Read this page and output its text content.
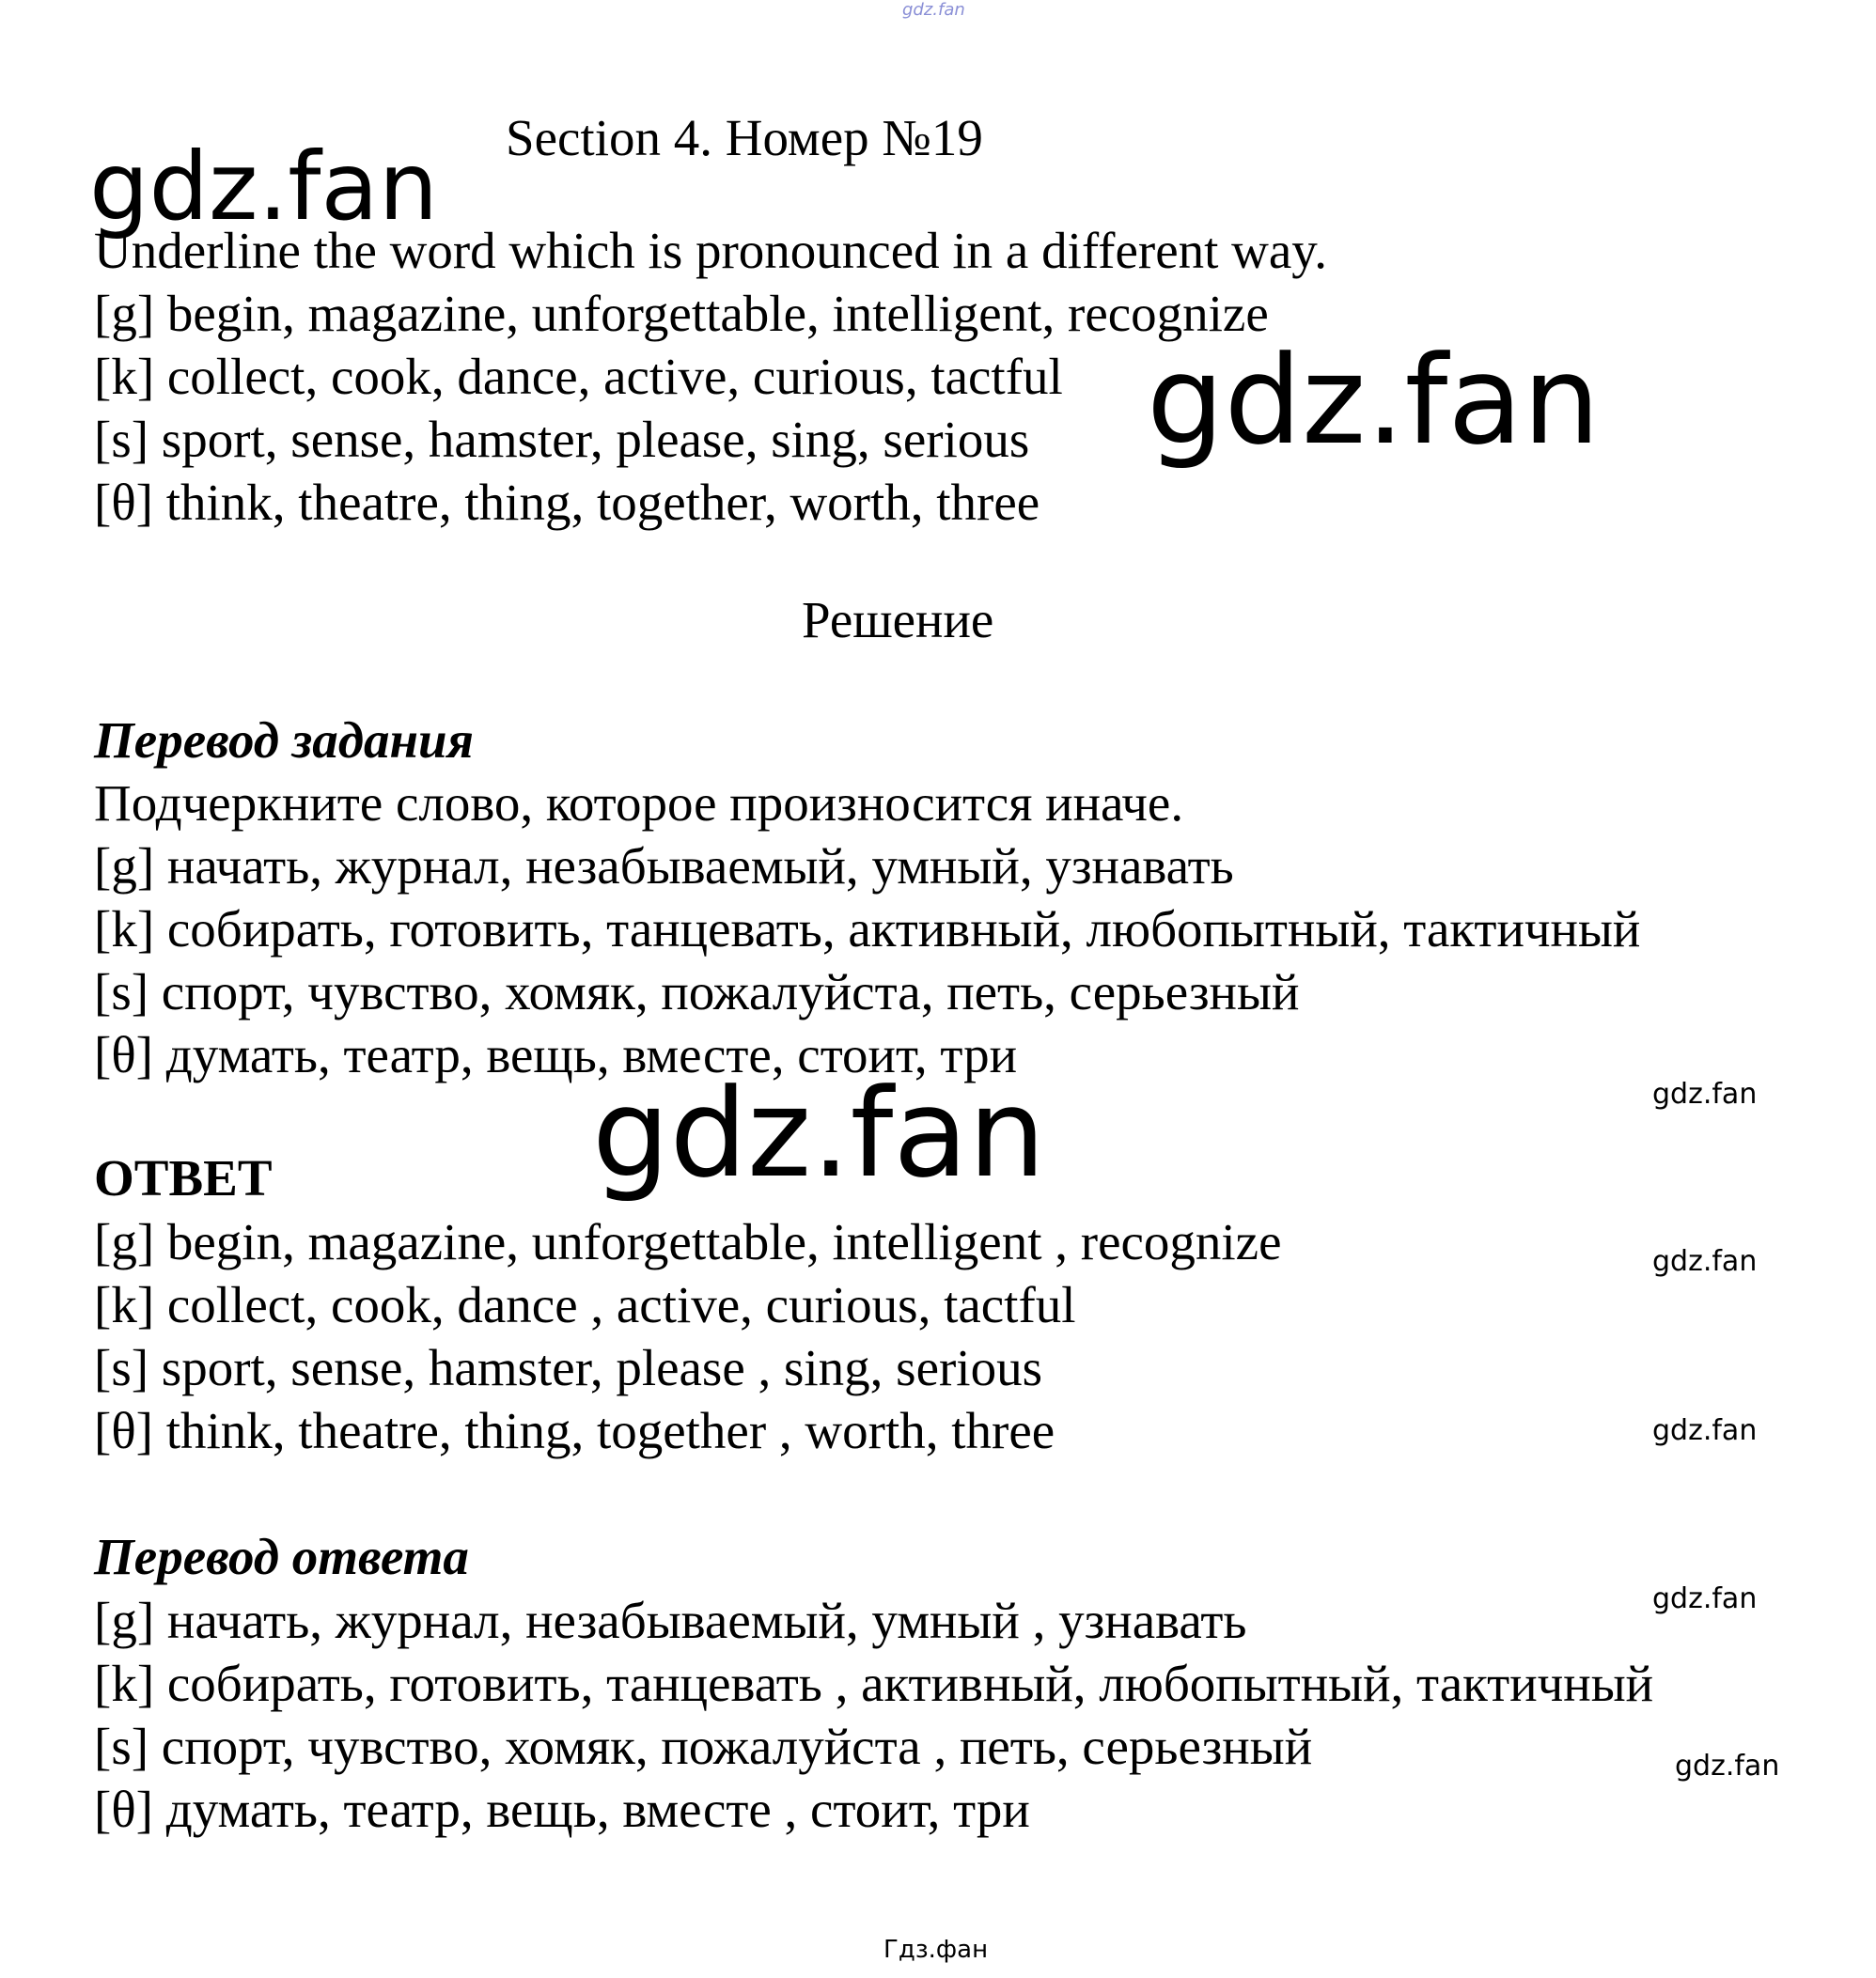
gdz.fan
gdz.fan
gdz.fan
gdz.fan	gdz.fan
gdz.fan
gdz.fan
gdz.fan
gdz.fan
Гдз.фан
Section 4. Номер №19
Underline the word which is pronounced in a different way.
[g] begin, magazine, unforgettable, intelligent, recognize
[k] collect, cook, dance, active, curious, tactful
[s] sport, sense, hamster, please, sing, serious
[θ] think, theatre, thing, together, worth, three
Решение
Перевод задания
Подчеркните слово, которое произносится иначе.
[g] начать, журнал, незабываемый, умный, узнавать
[k] собирать, готовить, танцевать, активный, любопытный, тактичный
[s] спорт, чувство, хомяк, пожалуйста, петь, серьезный
[θ] думать, театр, вещь, вместе, стоит, три
ОТВЕТ
[g] begin, magazine, unforgettable, intelligent , recognize
[k] collect, cook, dance , active, curious, tactful
[s] sport, sense, hamster, please , sing, serious
[θ] think, theatre, thing, together , worth, three
Перевод ответа
[g] начать, журнал, незабываемый, умный , узнавать
[k] собирать, готовить, танцевать , активный, любопытный, тактичный
[s] спорт, чувство, хомяк, пожалуйста , петь, серьезный
[θ] думать, театр, вещь, вместе , стоит, три
